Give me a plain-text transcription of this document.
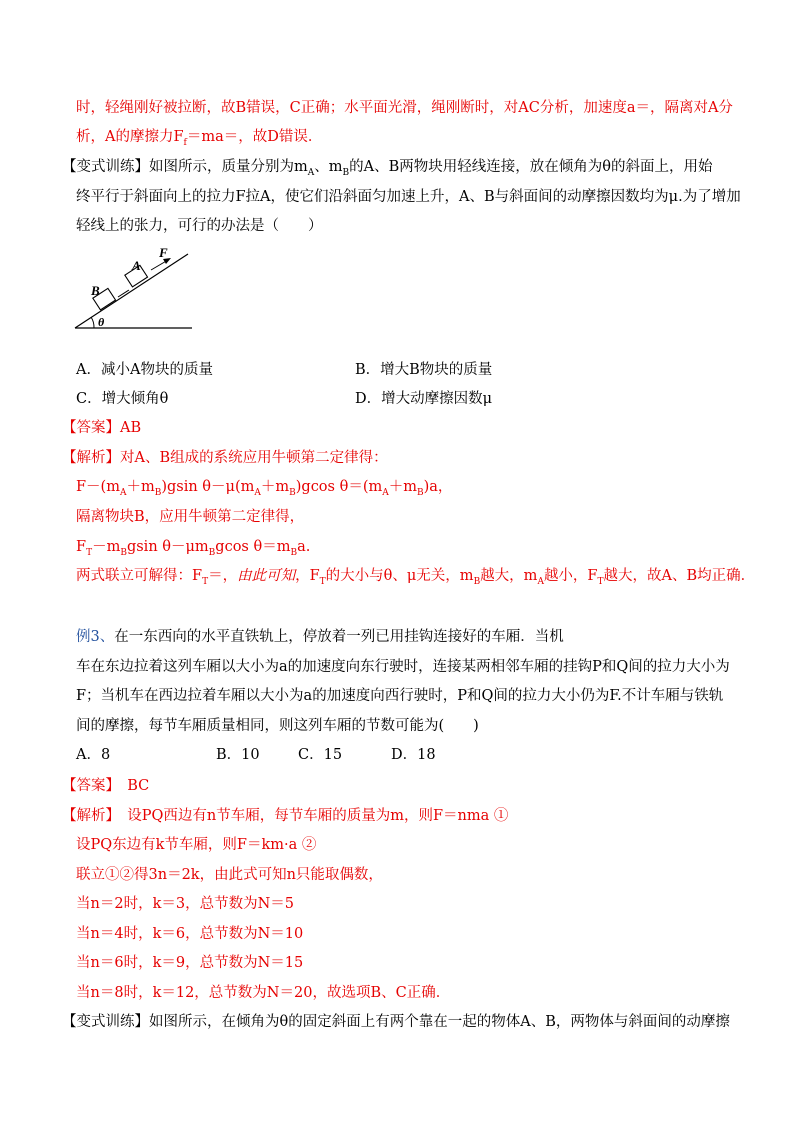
时，轻绳刚好被拉断，故B错误，C正确；水平面光滑，绳刚断时，对AC分析，加速度a＝，隔离对A分
析，A的摩擦力$F_f=ma=$，故D错误．
【变式训练】如图所示，质量分别为$m_A$、$m_B$的A、B两物块用轻线连接，放在倾角为θ的斜面上，用始
终平行于斜面向上的拉力F拉A，使它们沿斜面匀加速上升，A、B与斜面间的动摩擦因数均为μ.为了增加
轻线上的张力，可行的办法是（　　）
F
A
B
θ
A．减小A物块的质量	B．增大B物块的质量
C．增大倾角θ	D．增大动摩擦因数μ
【答案】AB
【解析】对A、B组成的系统应用牛顿第二定律得：
$F-(m_A+m_B)gsin$ $\theta-\mu(m_A+m_B)gcos$ $\theta=(m_A+m_B)a$，
隔离物块B，应用牛顿第二定律得，
$F_T-m_Bgsin$ $\theta-\mu m_Bgcos$ $\theta=m_Ba$.
两式联立可解得：$F_T=$，由此可知，$F_T$的大小与θ、μ无关，$m_B$越大，$m_A$越小，$F_T$越大，故A、B均正确．
例3、在一东西向的水平直铁轨上，停放着一列已用挂钩连接好的车厢．当机
车在东边拉着这列车厢以大小为a的加速度向东行驶时，连接某两相邻车厢的挂钩P和Q间的拉力大小为
F；当机车在西边拉着车厢以大小为a的加速度向西行驶时，P和Q间的拉力大小仍为F.不计车厢与铁轨
间的摩擦，每节车厢质量相同，则这列车厢的节数可能为(　　)
A．8	B．10	C．15	D．18
【答案】　BC
【解析】　设PQ西边有n节车厢，每节车厢的质量为m，则F＝nma ①
设PQ东边有k节车厢，则F＝km·a ②
联立①②得3n＝2k，由此式可知n只能取偶数，
当n＝2时，k＝3，总节数为N＝5
当n＝4时，k＝6，总节数为N＝10
当n＝6时，k＝9，总节数为N＝15
当n＝8时，k＝12，总节数为N＝20，故选项B、C正确．
【变式训练】如图所示，在倾角为θ的固定斜面上有两个靠在一起的物体A、B，两物体与斜面间的动摩擦
